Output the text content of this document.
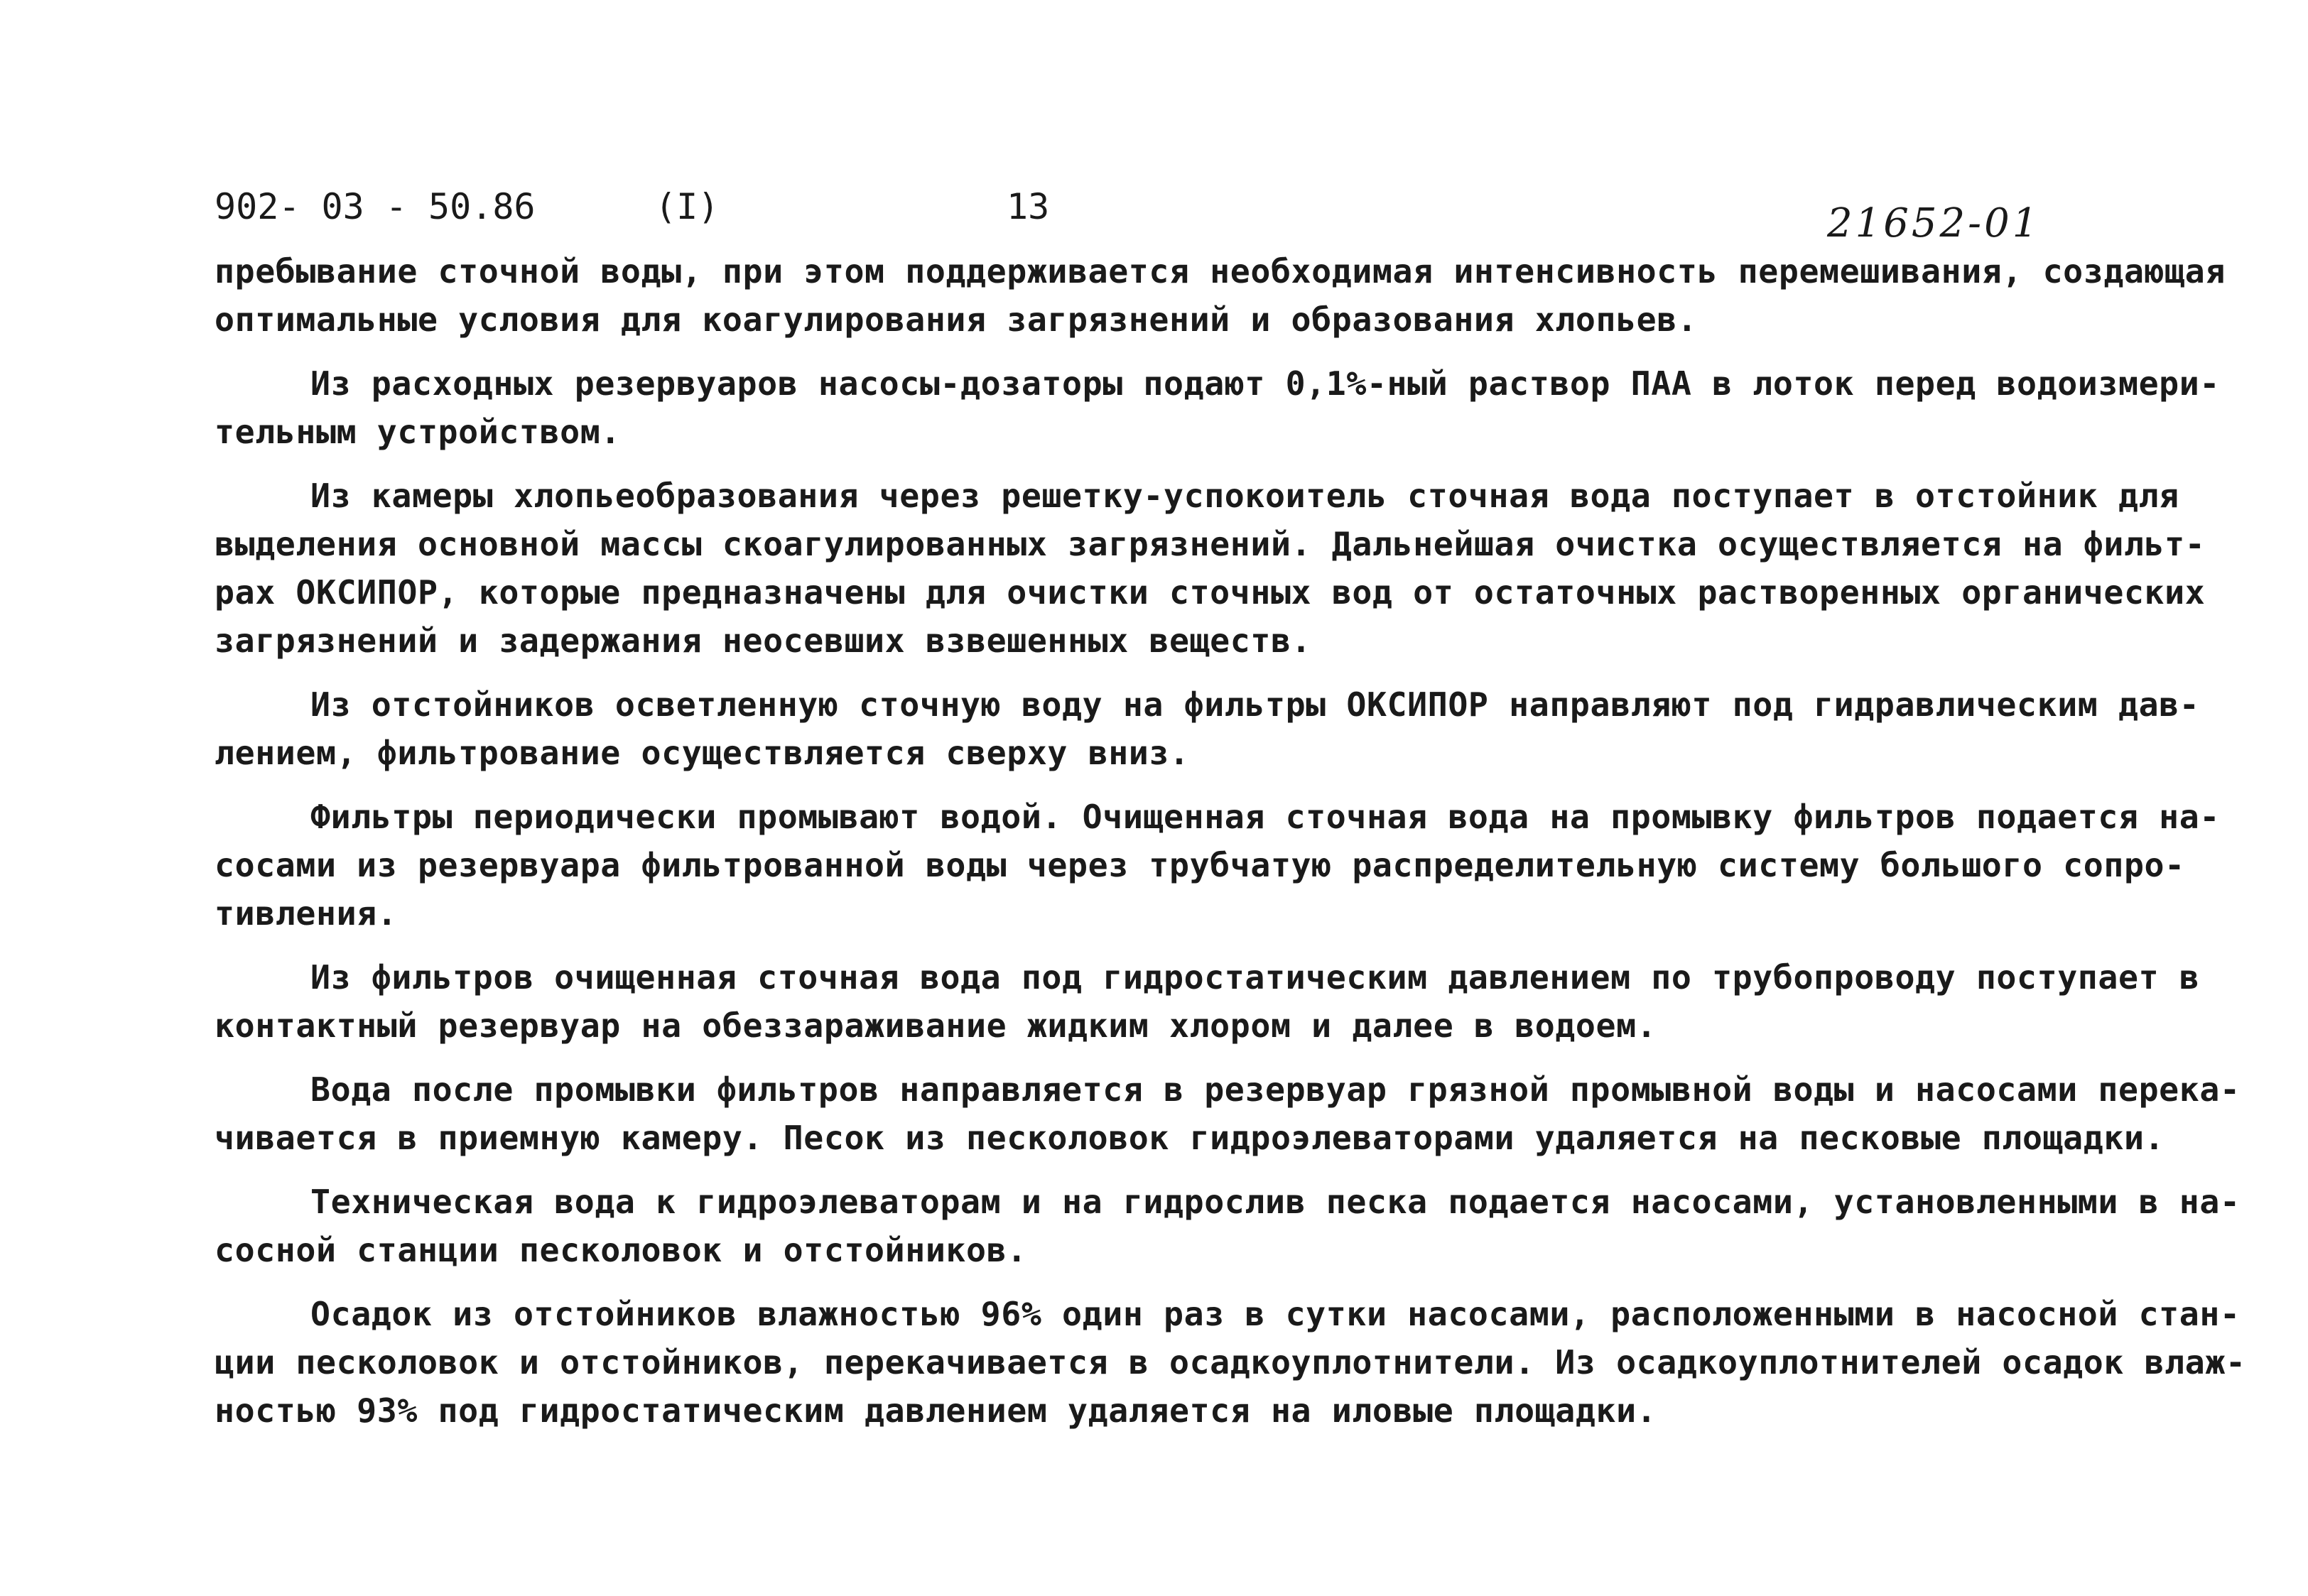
902- 03 - 50.86	(I)	13	21652-01

пребывание сточной воды, при этом поддерживается необходимая интенсивность перемешивания, создающая
оптимальные условия для коагулирования загрязнений и образования хлопьев.

Из расходных резервуаров насосы-дозаторы подают 0,1%-ный раствор ПАА в лоток перед водоизмери-
тельным устройством.

Из камеры хлопьеобразования через решетку-успокоитель сточная вода поступает в отстойник для
выделения основной массы скоагулированных загрязнений. Дальнейшая очистка осуществляется на фильт-
рах ОКСИПОР, которые предназначены для очистки сточных вод от остаточных растворенных органических
загрязнений и задержания неосевших взвешенных веществ.

Из отстойников осветленную сточную воду на фильтры ОКСИПОР направляют под гидравлическим дав-
лением, фильтрование осуществляется сверху вниз.

Фильтры периодически промывают водой. Очищенная сточная вода на промывку фильтров подается на-
сосами из резервуара фильтрованной воды через трубчатую распределительную систему большого сопро-
тивления.

Из фильтров очищенная сточная вода под гидростатическим давлением по трубопроводу поступает в
контактный резервуар на обеззараживание жидким хлором и далее в водоем.

Вода после промывки фильтров направляется в резервуар грязной промывной воды и насосами перека-
чивается в приемную камеру. Песок из песколовок гидроэлеваторами удаляется на песковые площадки.

Техническая вода к гидроэлеваторам и на гидрослив песка подается насосами, установленными в на-
сосной станции песколовок и отстойников.

Осадок из отстойников влажностью 96% один раз в сутки насосами, расположенными в насосной стан-
ции песколовок и отстойников, перекачивается в осадкоуплотнители. Из осадкоуплотнителей осадок влаж-
ностью 93% под гидростатическим давлением удаляется на иловые площадки.
